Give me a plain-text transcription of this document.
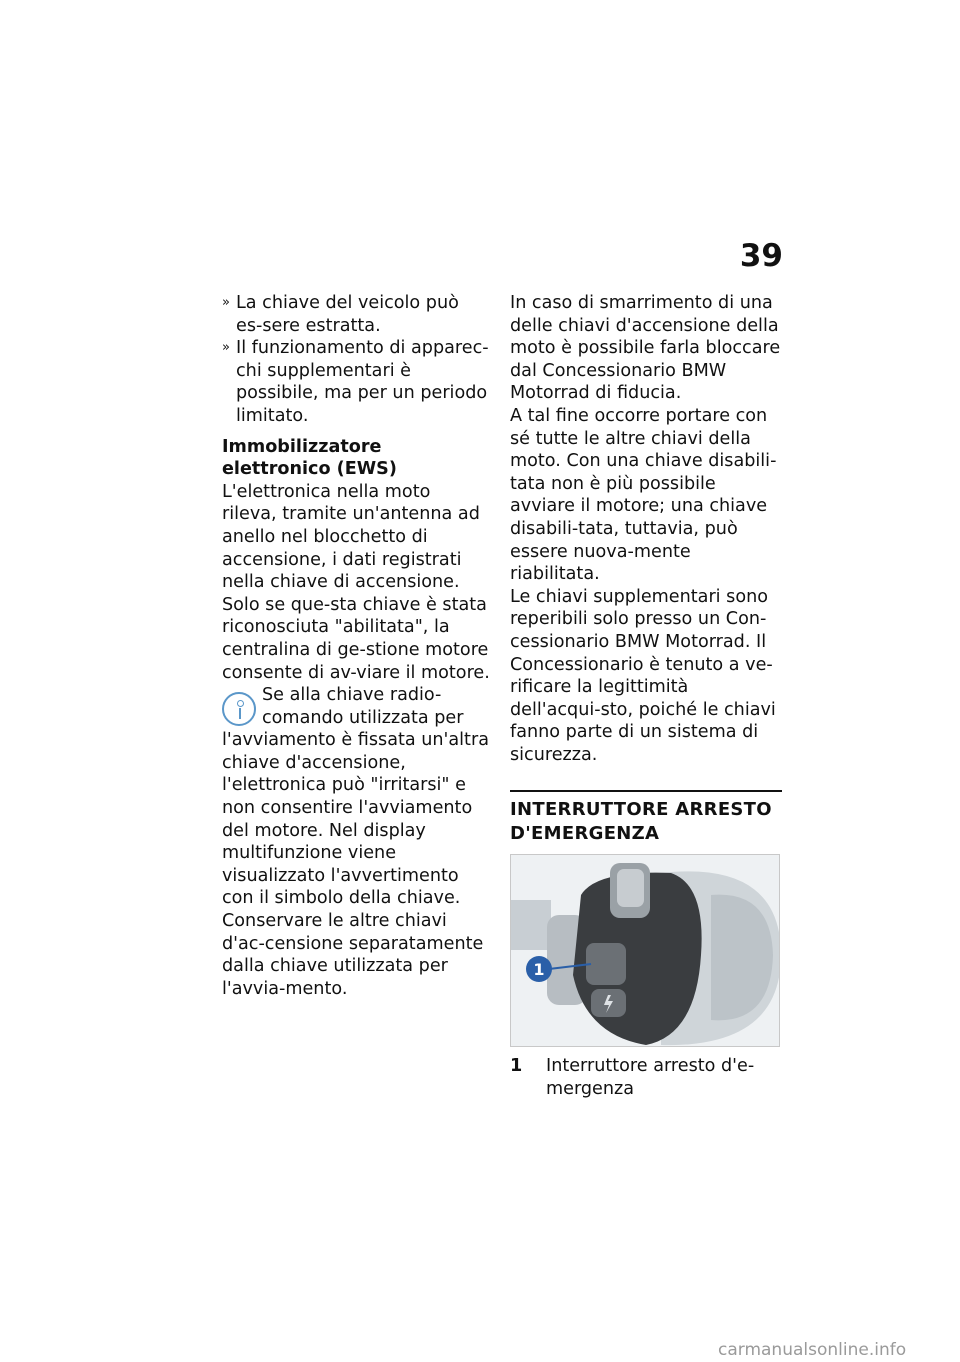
39
» La chiave del veicolo può es-sere estratta.
» Il funzionamento di apparec-chi supplementari è possibile, ma per un periodo limitato.
Immobilizzatore elettronico (EWS)

L'elettronica nella moto rileva, tramite un'antenna ad anello nel blocchetto di accensione, i dati registrati nella chiave di accensione. Solo se que-sta chiave è stata riconosciuta "abilitata", la centralina di ge-stione motore consente di av-viare il motore.

Se alla chiave radio-comando utilizzata per l'avviamento è fissata un'altra chiave d'accensione, l'elettronica può "irritarsi" e non consentire l'avviamento del motore. Nel display multifunzione viene visualizzato l'avvertimento con il simbolo della chiave.

Conservare le altre chiavi d'ac-censione separatamente dalla chiave utilizzata per l'avvia-mento.

In caso di smarrimento di una delle chiavi d'accensione della moto è possibile farla bloccare dal Concessionario BMW Motorrad di fiducia.

A tal fine occorre portare con sé tutte le altre chiavi della moto. Con una chiave disabili-tata non è più possibile avviare il motore; una chiave disabili-tata, tuttavia, può essere nuova-mente riabilitata.

Le chiavi supplementari sono reperibili solo presso un Con-cessionario BMW Motorrad. Il Concessionario è tenuto a ve-rificare la legittimità dell'acqui-sto, poiché le chiavi fanno parte di un sistema di sicurezza.

INTERRUTTORE ARRESTO D'EMERGENZA
1
1	Interruttore arresto d'e-mergenza
carmanualsonline.info
